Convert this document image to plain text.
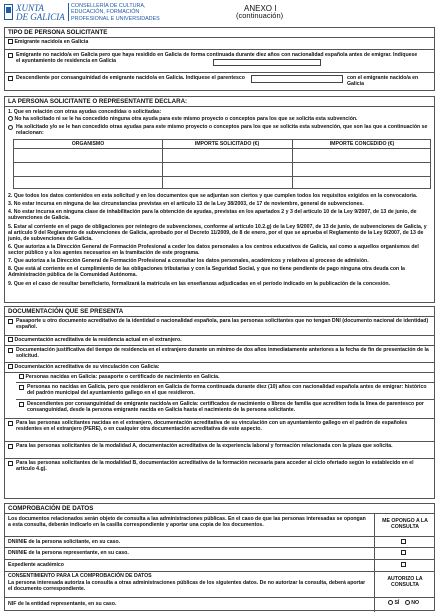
XUNTA
DE GALICIA
CONSELLERÍA DE CULTURA,
EDUCACIÓN, FORMACIÓN
PROFESIONAL E UNIVERSIDADES
ANEXO I
(continuación)
TIPO DE PERSONA SOLICITANTE
Emigrante nacido/a en Galicia
Emigrante no nacido/a en Galicia pero que haya residido en Galicia de forma continuada durante diez años con nacionalidad española antes de emigrar. Indíquese el ayuntamiento de residencia en Galicia
Descendiente por consanguinidad de emigrante nacido/a en Galicia. Indíquese el parentesco	con el emigrante nacido/a en Galicia
LA PERSONA SOLICITANTE O REPRESENTANTE DECLARA:
1. Que en relación con otras ayudas concedidas o solicitadas:
No ha solicitado ni se le ha concedido ninguna otra ayuda para este mismo proyecto o conceptos para los que se solicita esta subvención.
Ha solicitado y/o se le han concedido otras ayudas para este mismo proyecto o conceptos para los que se solicita esta subvención, que son las que a continuación se relacionan:
ORGANISMO	IMPORTE SOLICITADO (€)	IMPORTE CONCEDIDO (€)
2. Que todos los datos contenidos en esta solicitud y en los documentos que se adjuntan son ciertos y que cumplen todos los requisitos exigidos en la convocatoria.
3. No estar incursa en ninguna de las circunstancias previstas en el artículo 13 de la Ley 38/2003, de 17 de noviembre, general de subvenciones.
4. No estar incursa en ninguna clase de inhabilitación para la obtención de ayudas, previstas en los apartados 2 y 3 del artículo 10 de la Ley 9/2007, de 13 de junio, de subvenciones de Galicia.
5. Estar al corriente en el pago de obligaciones por reintegro de subvenciones, conforme al artículo 10.2.g) de la Ley 9/2007, de 13 de junio, de subvenciones de Galicia, y al artículo 9 del Reglamento de subvenciones de Galicia, aprobado por el Decreto 11/2009, de 8 de enero, por el que se aprueba el Reglamento de la Ley 9/2007, de 13 de junio, de subvenciones de Galicia.
6. Que autoriza a la Dirección General de Formación Profesional a ceder los datos personales a los centros educativos de Galicia, así como a aquellos organismos del sector público y a los agentes necesarios en la tramitación de este programa.
7. Que autoriza a la Dirección General de Formación Profesional a consultar los datos personales, académicos y relativos al proceso de admisión.
8. Que está al corriente en el cumplimiento de las obligaciones tributarias y con la Seguridad Social, y que no tiene pendiente de pago ninguna otra deuda con la Administración pública de la Comunidad Autónoma.
9. Que en el caso de resultar beneficiario, formalizará la matrícula en las enseñanzas adjudicadas en el período indicado en la publicación de la concesión.
DOCUMENTACIÓN QUE SE PRESENTA
Pasaporte u otro documento acreditativo de la identidad o nacionalidad española, para las personas solicitantes que no tengan DNI (documento nacional de identidad) español.
Documentación acreditativa de la residencia actual en el extranjero.
Documentación justificativa del tiempo de residencia en el extranjero durante un mínimo de dos años inmediatamente anteriores a la fecha de fin de presentación de la solicitud.
Documentación acreditativa de su vinculación con Galicia:
Personas nacidas en Galicia: pasaporte o certificado de nacimiento en Galicia.
Personas no nacidas en Galicia, pero que residieron en Galicia de forma continuada durante diez (10) años con nacionalidad española antes de emigrar: histórico del padrón municipal del ayuntamiento gallego en el que residieron.
Descendientes por consanguinidad de emigrante nacido/a en Galicia: certificados de nacimiento o libros de familia que acrediten toda la línea de parentesco por consanguinidad, desde la persona emigrante nacida en Galicia hasta el nacimiento de la persona solicitante.
Para las personas solicitantes nacidas en el extranjero, documentación acreditativa de su vinculación con un ayuntamiento gallego en el padrón de españoles residentes en el extranjero (PERE), o en cualquier otra documentación acreditativa de este aspecto.
Para las personas solicitantes de la modalidad A, documentación acreditativa de la experiencia laboral y formación relacionada con la plaza que solicita.
Para las personas solicitantes de la modalidad B, documentación acreditativa de la formación necesaria para acceder al ciclo ofertado según lo establecido en el artículo 4.g).
COMPROBACIÓN DE DATOS
Los documentos relacionados serán objeto de consulta a las administraciones públicas. En el caso de que las personas interesadas se opongan a esta consulta, deberán indicarlo en la casilla correspondiente y aportar una copia de los documentos.
ME OPONGO A LA CONSULTA
DNI/NIE de la persona solicitante, en su caso.
DNI/NIE de la persona representante, en su caso.
Expediente académico
CONSENTIMIENTO PARA LA COMPROBACIÓN DE DATOS
La persona interesada autoriza la consulta a otras administraciones públicas de los siguientes datos. De no autorizar la consulta, deberá aportar el documento correspondiente.
AUTORIZO LA CONSULTA
NIF de la entidad representante, en su caso.	SÍ NO
